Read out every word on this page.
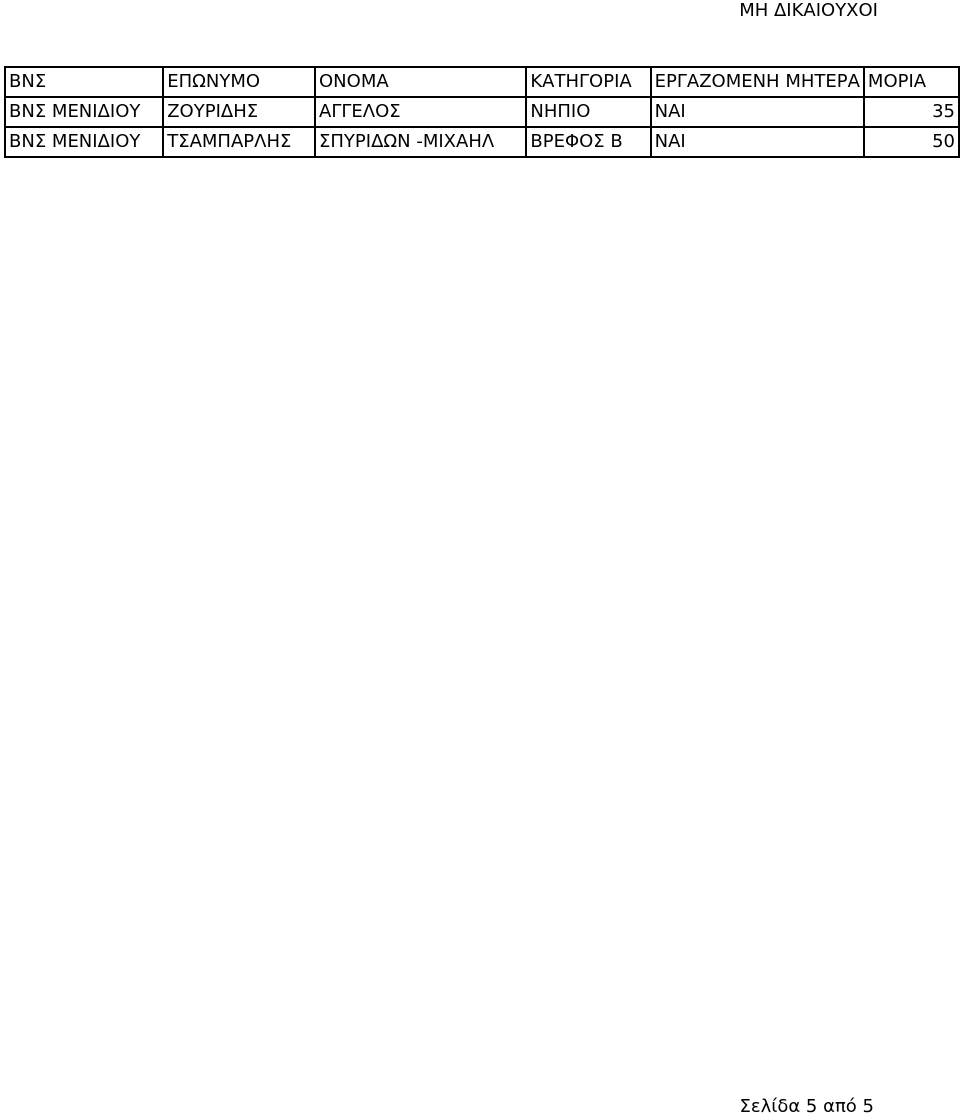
ΜΗ ΔΙΚΑΙΟΥΧΟΙ
ΒΝΣ	ΕΠΩΝΥΜΟ	ΟΝΟΜΑ	ΚΑΤΗΓΟΡΙΑ	ΕΡΓΑΖΟΜΕΝΗ ΜΗΤΕΡΑ	ΜΟΡΙΑ
ΒΝΣ ΜΕΝΙΔΙΟΥ	ΖΟΥΡΙΔΗΣ	ΑΓΓΕΛΟΣ	ΝΗΠΙΟ	ΝΑΙ	35
ΒΝΣ ΜΕΝΙΔΙΟΥ	ΤΣΑΜΠΑΡΛΗΣ	ΣΠΥΡΙΔΩΝ -ΜΙΧΑΗΛ	ΒΡΕΦΟΣ Β	ΝΑΙ	50
Σελίδα 5 από 5
